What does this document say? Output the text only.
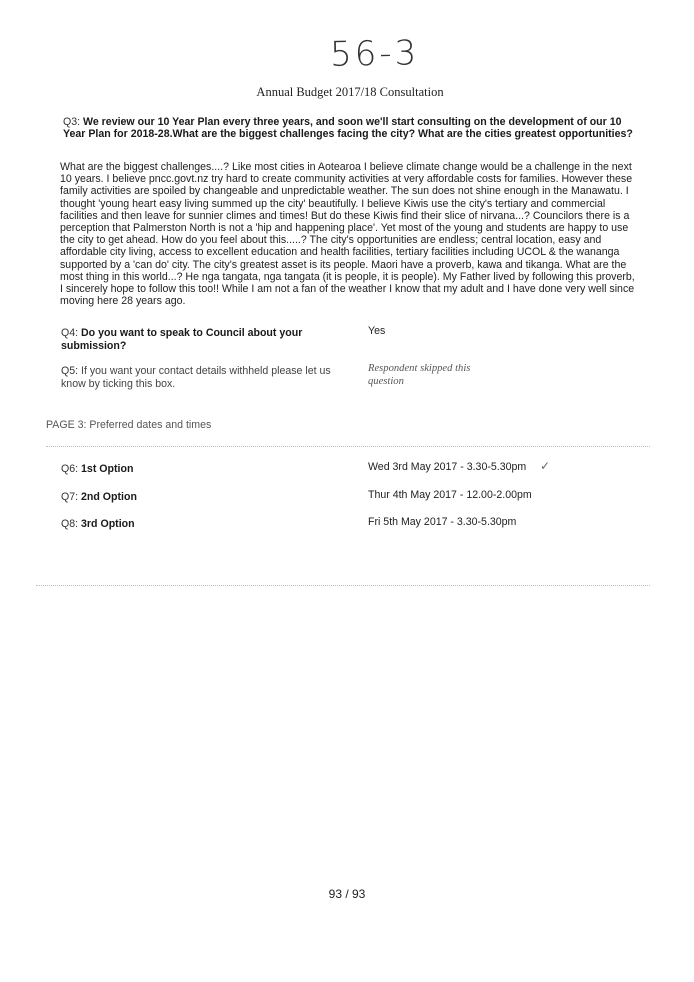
56-3
Annual Budget 2017/18 Consultation
Q3: We review our 10 Year Plan every three years, and soon we'll start consulting on the development of our 10 Year Plan for 2018-28.What are the biggest challenges facing the city? What are the cities greatest opportunities?
What are the biggest challenges....? Like most cities in Aotearoa I believe climate change would be a challenge in the next 10 years. I believe pncc.govt.nz try hard to create community activities at very affordable costs for families. However these family activities are spoiled by changeable and unpredictable weather. The sun does not shine enough in the Manawatu. I thought 'young heart easy living summed up the city' beautifully. I believe Kiwis use the city's tertiary and commercial facilities and then leave for sunnier climes and times! But do these Kiwis find their slice of nirvana...? Councilors there is a perception that Palmerston North is not a 'hip and happening place'. Yet most of the young and students are happy to use the city to get ahead. How do you feel about this.....? The city's opportunities are endless; central location, easy and affordable city living, access to excellent education and health facilities, tertiary facilities including UCOL & the wananga supported by a 'can do' city. The city's greatest asset is its people. Maori have a proverb, kawa and tikanga. What are the most thing in this world...? He nga tangata, nga tangata (it is people, it is people). My Father lived by following this proverb, I sincerely hope to follow this too!! While I am not a fan of the weather I know that my adult and I have done very well since moving here 28 years ago.
Q4: Do you want to speak to Council about your submission?
Yes
Q5: If you want your contact details withheld please let us know by ticking this box.
Respondent skipped this question
PAGE 3: Preferred dates and times
Q6: 1st Option	Wed 3rd May 2017 - 3.30-5.30pm ✓
Q7: 2nd Option	Thur 4th May 2017 - 12.00-2.00pm
Q8: 3rd Option	Fri 5th May 2017 - 3.30-5.30pm
93 / 93
